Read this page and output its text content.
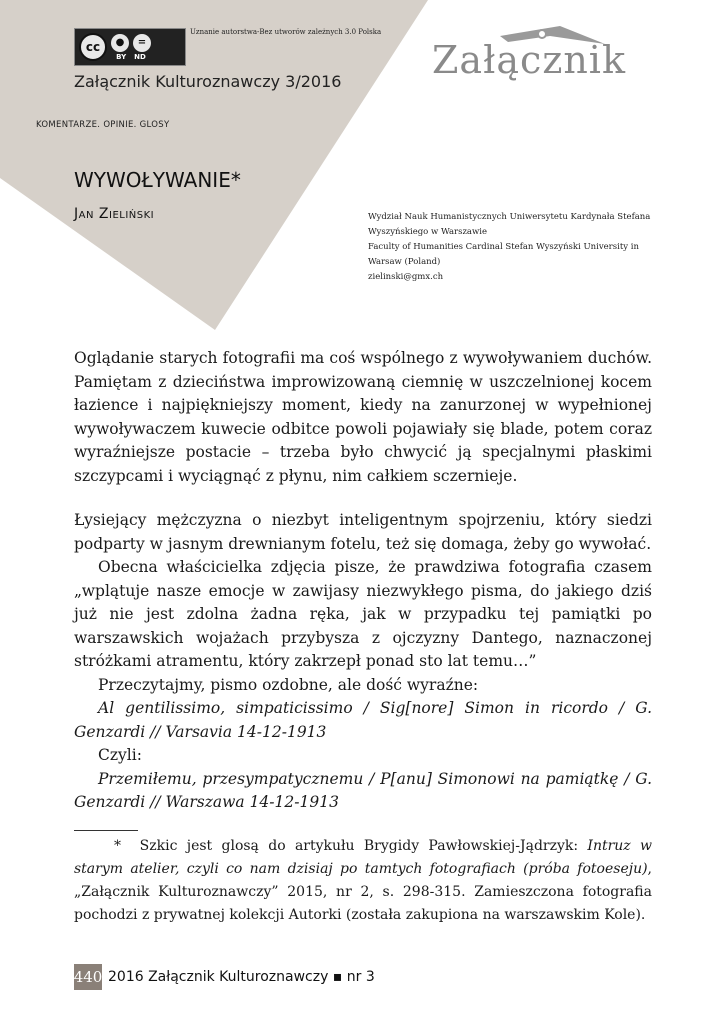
cc	●	=
BY ND
Uznanie autorstwa-Bez utworów zależnych 3.0 Polska
Załącznik Kulturoznawczy 3/2016 Załącznik
KOMENTARZE. OPINIE. GLOSY
WYWOŁYWANIE*
Jan Zieliński	Wydział Nauk Humanistycznych Uniwersytetu Kardynała Stefana
Wyszyńskiego w Warszawie
Faculty of Humanities Cardinal Stefan Wyszyński University in
Warsaw (Poland)
zielinski@gmx.ch

Oglądanie starych fotografii ma coś wspólnego z wywoływaniem duchów. Pamiętam z dzieciństwa improwizowaną ciemnię w uszczelnionej kocem łazience i najpiękniejszy moment, kiedy na zanurzonej w wypełnionej wywoływaczem kuwecie odbitce powoli pojawiały się blade, potem coraz wyraźniejsze postacie – trzeba było chwycić ją specjalnymi płaskimi szczypcami i wyciągnąć z płynu, nim całkiem sczernieje.

Łysiejący mężczyzna o niezbyt inteligentnym spojrzeniu, który siedzi podparty w jasnym drewnianym fotelu, też się domaga, żeby go wywołać.

Obecna właścicielka zdjęcia pisze, że prawdziwa fotografia czasem „wplątuje nasze emocje w zawijasy niezwykłego pisma, do jakiego dziś już nie jest zdolna żadna ręka, jak w przypadku tej pamiątki po warszawskich wojażach przybysza z ojczyzny Dantego, naznaczonej stróżkami atramentu, który zakrzepł ponad sto lat temu…”

Przeczytajmy, pismo ozdobne, ale dość wyraźne:

Al gentilissimo, simpaticissimo / Sig[nore] Simon in ricordo / G. Genzardi // Varsavia 14-12-1913

Czyli:

Przemiłemu, przesympatycznemu / P[anu] Simonowi na pamiątkę / G. Genzardi // Warszawa 14-12-1913

* Szkic jest glosą do artykułu Brygidy Pawłowskiej-Jądrzyk: Intruz w starym atelier, czyli co nam dzisiaj po tamtych fotografiach (próba fotoeseju), „Załącznik Kulturoznawczy” 2015, nr 2, s. 298-315. Zamieszczona fotografia pochodzi z prywatnej kolekcji Autorki (została zakupiona na warszawskim Kole).
440 2016 Załącznik Kulturoznawczy ▪ nr 3
